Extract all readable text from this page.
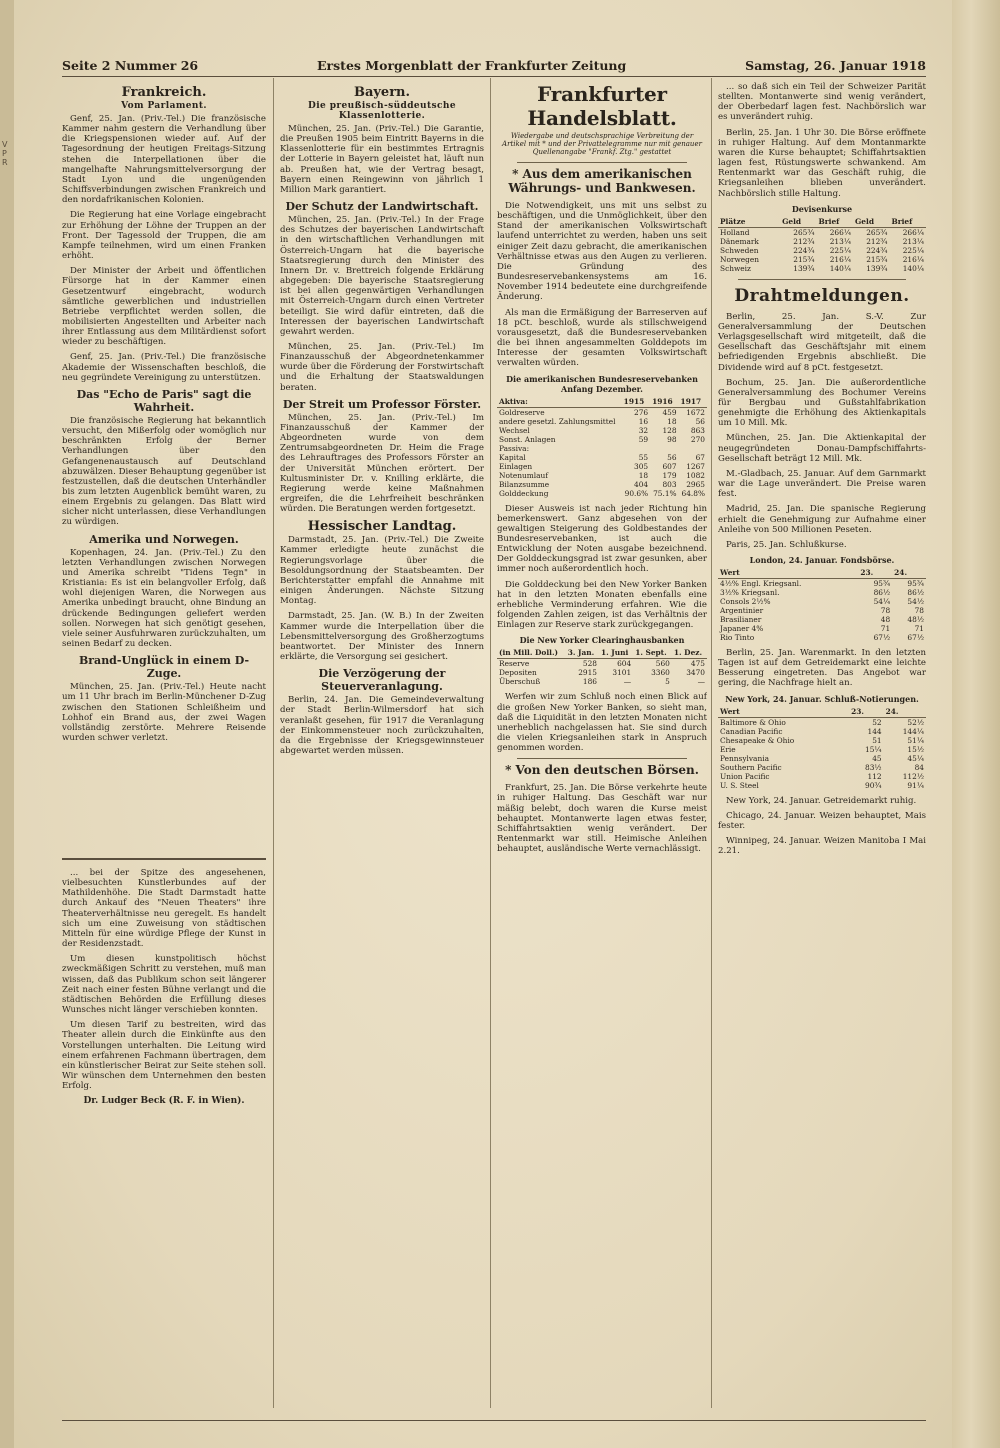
V P R
Seite 2 Nummer 26	Erstes Morgenblatt der Frankfurter Zeitung	Samstag, 26. Januar 1918
Frankreich.
Vom Parlament.

Genf, 25. Jan. (Priv.-Tel.) Die französische Kammer nahm gestern die Verhandlung über die Kriegspensionen wieder auf. Auf der Tagesordnung der heutigen Freitags-Sitzung stehen die Interpellationen über die mangelhafte Nahrungsmittelversorgung der Stadt Lyon und die ungenügenden Schiffsverbindungen zwischen Frankreich und den nordafrikanischen Kolonien.

Die Regierung hat eine Vorlage eingebracht zur Erhöhung der Löhne der Truppen an der Front. Der Tagessold der Truppen, die am Kampfe teilnehmen, wird um einen Franken erhöht.

Der Minister der Arbeit und öffentlichen Fürsorge hat in der Kammer einen Gesetzentwurf eingebracht, wodurch sämtliche gewerblichen und industriellen Betriebe verpflichtet werden sollen, die mobilisierten Angestellten und Arbeiter nach ihrer Entlassung aus dem Militärdienst sofort wieder zu beschäftigen.

Genf, 25. Jan. (Priv.-Tel.) Die französische Akademie der Wissenschaften beschloß, die neu gegründete Vereinigung zu unterstützen.

Das "Echo de Paris" sagt die Wahrheit.

Die französische Regierung hat bekanntlich versucht, den Mißerfolg oder womöglich nur beschränkten Erfolg der Berner Verhandlungen über den Gefangenenaustausch auf Deutschland abzuwälzen. Dieser Behauptung gegenüber ist festzustellen, daß die deutschen Unterhändler bis zum letzten Augenblick bemüht waren, zu einem Ergebnis zu gelangen. Das Blatt wird sicher nicht unterlassen, diese Verhandlungen zu würdigen.

Amerika und Norwegen.

Kopenhagen, 24. Jan. (Priv.-Tel.) Zu den letzten Verhandlungen zwischen Norwegen und Amerika schreibt "Tidens Tegn" in Kristiania: Es ist ein belangvoller Erfolg, daß wohl diejenigen Waren, die Norwegen aus Amerika unbedingt braucht, ohne Bindung an drückende Bedingungen geliefert werden sollen. Norwegen hat sich genötigt gesehen, viele seiner Ausfuhrwaren zurückzuhalten, um seinen Bedarf zu decken.

Brand-Unglück in einem D-Zuge.

München, 25. Jan. (Priv.-Tel.) Heute nacht um 11 Uhr brach im Berlin-Münchener D-Zug zwischen den Stationen Schleißheim und Lohhof ein Brand aus, der zwei Wagen vollständig zerstörte. Mehrere Reisende wurden schwer verletzt.

... bei der Spitze des angesehenen, vielbesuchten Kunstlerbundes auf der Mathildenhöhe. Die Stadt Darmstadt hatte durch Ankauf des "Neuen Theaters" ihre Theaterverhältnisse neu geregelt. Es handelt sich um eine Zuweisung von städtischen Mitteln für eine würdige Pflege der Kunst in der Residenzstadt.

Um diesen kunstpolitisch höchst zweckmäßigen Schritt zu verstehen, muß man wissen, daß das Publikum schon seit längerer Zeit nach einer festen Bühne verlangt und die städtischen Behörden die Erfüllung dieses Wunsches nicht länger verschieben konnten.

Um diesen Tarif zu bestreiten, wird das Theater allein durch die Einkünfte aus den Vorstellungen unterhalten. Die Leitung wird einem erfahrenen Fachmann übertragen, dem ein künstlerischer Beirat zur Seite stehen soll. Wir wünschen dem Unternehmen den besten Erfolg.

Dr. Ludger Beck (R. F. in Wien).
Bayern.
Die preußisch-süddeutsche Klassenlotterie.

München, 25. Jan. (Priv.-Tel.) Die Garantie, die Preußen 1905 beim Eintritt Bayerns in die Klassenlotterie für ein bestimmtes Ertragnis der Lotterie in Bayern geleistet hat, läuft nun ab. Preußen hat, wie der Vertrag besagt, Bayern einen Reingewinn von jährlich 1 Million Mark garantiert.

Der Schutz der Landwirtschaft.

München, 25. Jan. (Priv.-Tel.) In der Frage des Schutzes der bayerischen Landwirtschaft in den wirtschaftlichen Verhandlungen mit Österreich-Ungarn hat die bayerische Staatsregierung durch den Minister des Innern Dr. v. Brettreich folgende Erklärung abgegeben: Die bayerische Staatsregierung ist bei allen gegenwärtigen Verhandlungen mit Österreich-Ungarn durch einen Vertreter beteiligt. Sie wird dafür eintreten, daß die Interessen der bayerischen Landwirtschaft gewahrt werden.

München, 25. Jan. (Priv.-Tel.) Im Finanzausschuß der Abgeordnetenkammer wurde über die Förderung der Forstwirtschaft und die Erhaltung der Staatswaldungen beraten.

Der Streit um Professor Förster.

München, 25. Jan. (Priv.-Tel.) Im Finanzausschuß der Kammer der Abgeordneten wurde von dem Zentrumsabgeordneten Dr. Heim die Frage des Lehrauftrages des Professors Förster an der Universität München erörtert. Der Kultusminister Dr. v. Knilling erklärte, die Regierung werde keine Maßnahmen ergreifen, die die Lehrfreiheit beschränken würden. Die Beratungen werden fortgesetzt.

Hessischer Landtag.

Darmstadt, 25. Jan. (Priv.-Tel.) Die Zweite Kammer erledigte heute zunächst die Regierungsvorlage über die Besoldungsordnung der Staatsbeamten. Der Berichterstatter empfahl die Annahme mit einigen Änderungen. Nächste Sitzung Montag.

Darmstadt, 25. Jan. (W. B.) In der Zweiten Kammer wurde die Interpellation über die Lebensmittelversorgung des Großherzogtums beantwortet. Der Minister des Innern erklärte, die Versorgung sei gesichert.

Die Verzögerung der Steuerveranlagung.

Berlin, 24. Jan. Die Gemeindeverwaltung der Stadt Berlin-Wilmersdorf hat sich veranlaßt gesehen, für 1917 die Veranlagung der Einkommensteuer noch zurückzuhalten, da die Ergebnisse der Kriegsgewinnsteuer abgewartet werden müssen.

Frankfurter Handelsblatt.
Wiedergabe und deutschsprachige Verbreitung der Artikel mit * und der Privattelegramme nur mit genauer Quellenangabe "Frankf. Ztg." gestattet
* Aus dem amerikanischen Währungs- und Bankwesen.

Die Notwendigkeit, uns mit uns selbst zu beschäftigen, und die Unmöglichkeit, über den Stand der amerikanischen Volkswirtschaft laufend unterrichtet zu werden, haben uns seit einiger Zeit dazu gebracht, die amerikanischen Verhältnisse etwas aus den Augen zu verlieren. Die Gründung des Bundesreservebankensystems am 16. November 1914 bedeutete eine durchgreifende Änderung.

Als man die Ermäßigung der Barreserven auf 18 pCt. beschloß, wurde als stillschweigend vorausgesetzt, daß die Bundesreservebanken die bei ihnen angesammelten Golddepots im Interesse der gesamten Volkswirtschaft verwalten würden.

Die amerikanischen Bundesreservebanken Anfang Dezember.
Aktiva:	1915	1916	1917
Goldreserve	276	459	1672
andere gesetzl. Zahlungsmittel	16	18	56
Wechsel	32	128	863
Sonst. Anlagen	59	98	270
Passiva:			
Kapital	55	56	67
Einlagen	305	607	1267
Notenumlauf	18	179	1082
Bilanzsumme	404	803	2965
Golddeckung	90.6%	75.1%	64.8%

Dieser Ausweis ist nach jeder Richtung hin bemerkenswert. Ganz abgesehen von der gewaltigen Steigerung des Goldbestandes der Bundesreservebanken, ist auch die Entwicklung der Noten ausgabe bezeichnend. Der Golddeckungsgrad ist zwar gesunken, aber immer noch außerordentlich hoch.

Die Golddeckung bei den New Yorker Banken hat in den letzten Monaten ebenfalls eine erhebliche Verminderung erfahren. Wie die folgenden Zahlen zeigen, ist das Verhältnis der Einlagen zur Reserve stark zurückgegangen.

Die New Yorker Clearinghausbanken
(in Mill. Doll.)	3. Jan.	1. Juni	1. Sept.	1. Dez.
Reserve	528	604	560	475
Depositen	2915	3101	3360	3470
Überschuß	186	—	5	—

Werfen wir zum Schluß noch einen Blick auf die großen New Yorker Banken, so sieht man, daß die Liquidität in den letzten Monaten nicht unerheblich nachgelassen hat. Sie sind durch die vielen Kriegsanleihen stark in Anspruch genommen worden.

* Von den deutschen Börsen.

Frankfurt, 25. Jan. Die Börse verkehrte heute in ruhiger Haltung. Das Geschäft war nur mäßig belebt, doch waren die Kurse meist behauptet. Montanwerte lagen etwas fester, Schiffahrtsaktien wenig verändert. Der Rentenmarkt war still. Heimische Anleihen behauptet, ausländische Werte vernachlässigt.

... so daß sich ein Teil der Schweizer Parität stellten. Montanwerte sind wenig verändert, der Oberbedarf lagen fest. Nachbörslich war es unverändert ruhig.

Berlin, 25. Jan. 1 Uhr 30. Die Börse eröffnete in ruhiger Haltung. Auf dem Montanmarkte waren die Kurse behauptet; Schiffahrtsaktien lagen fest, Rüstungswerte schwankend. Am Rentenmarkt war das Geschäft ruhig, die Kriegsanleihen blieben unverändert. Nachbörslich stille Haltung.

Devisenkurse
Plätze	Geld	Brief	Geld	Brief
Holland	265¾	266¼	265¾	266¼
Dänemark	212¾	213¼	212¾	213¼
Schweden	224¾	225¼	224¾	225¼
Norwegen	215¾	216¼	215¾	216¼
Schweiz	139¾	140¼	139¾	140¼
Drahtmeldungen.

Berlin, 25. Jan. S.-V. Zur Generalversammlung der Deutschen Verlagsgesellschaft wird mitgeteilt, daß die Gesellschaft das Geschäftsjahr mit einem befriedigenden Ergebnis abschließt. Die Dividende wird auf 8 pCt. festgesetzt.

Bochum, 25. Jan. Die außerordentliche Generalversammlung des Bochumer Vereins für Bergbau und Gußstahlfabrikation genehmigte die Erhöhung des Aktienkapitals um 10 Mill. Mk.

München, 25. Jan. Die Aktienkapital der neugegründeten Donau-Dampfschiffahrts-Gesellschaft beträgt 12 Mill. Mk.

M.-Gladbach, 25. Januar. Auf dem Garnmarkt war die Lage unverändert. Die Preise waren fest.

Madrid, 25. Jan. Die spanische Regierung erhielt die Genehmigung zur Aufnahme einer Anleihe von 500 Millionen Peseten.

Paris, 25. Jan. Schlußkurse.

London, 24. Januar. Fondsbörse.
Wert	23.	24.
4½% Engl. Kriegsanl.	95¾	95¾
3½% Kriegsanl.	86½	86½
Consols 2½%	54¼	54½
Argentinier	78	78
Brasilianer	48	48½
Japaner 4%	71	71
Rio Tinto	67½	67½

Berlin, 25. Jan. Warenmarkt. In den letzten Tagen ist auf dem Getreidemarkt eine leichte Besserung eingetreten. Das Angebot war gering, die Nachfrage hielt an.

New York, 24. Januar. Schluß-Notierungen.
Wert	23.	24.
Baltimore & Ohio	52	52½
Canadian Pacific	144	144¼
Chesapeake & Ohio	51	51¼
Erie	15¼	15½
Pennsylvania	45	45¼
Southern Pacific	83½	84
Union Pacific	112	112½
U. S. Steel	90¾	91¼

New York, 24. Januar. Getreidemarkt ruhig.

Chicago, 24. Januar. Weizen behauptet, Mais fester.

Winnipeg, 24. Januar. Weizen Manitoba I Mai 2.21.
